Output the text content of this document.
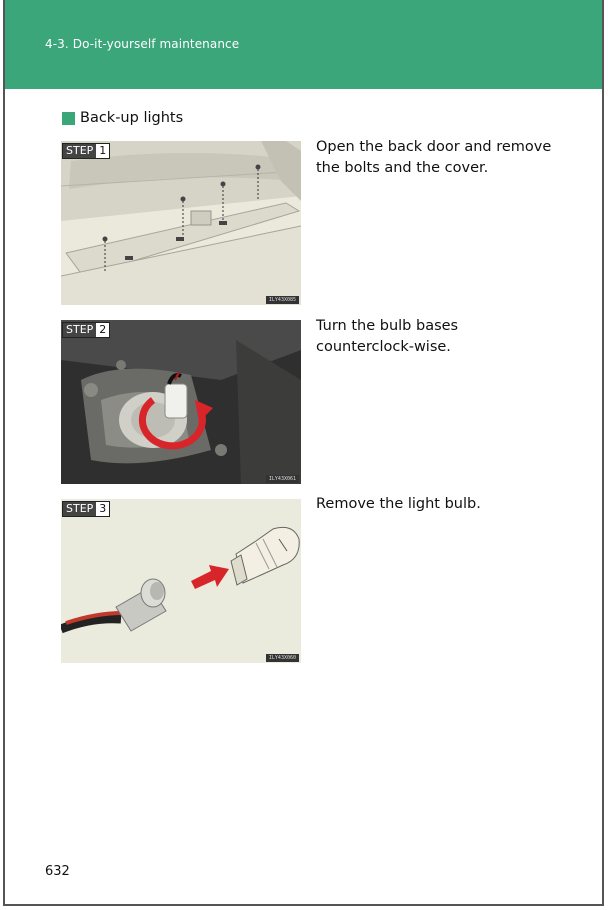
4-3. Do-it-yourself maintenance
Back-up lights
STEP 1
ILY43X085
Open the back door and remove the bolts and the cover.
STEP 2
ILY43X061
Turn the bulb bases counterclock-wise.
STEP 3
ILY43X060
Remove the light bulb.
632
